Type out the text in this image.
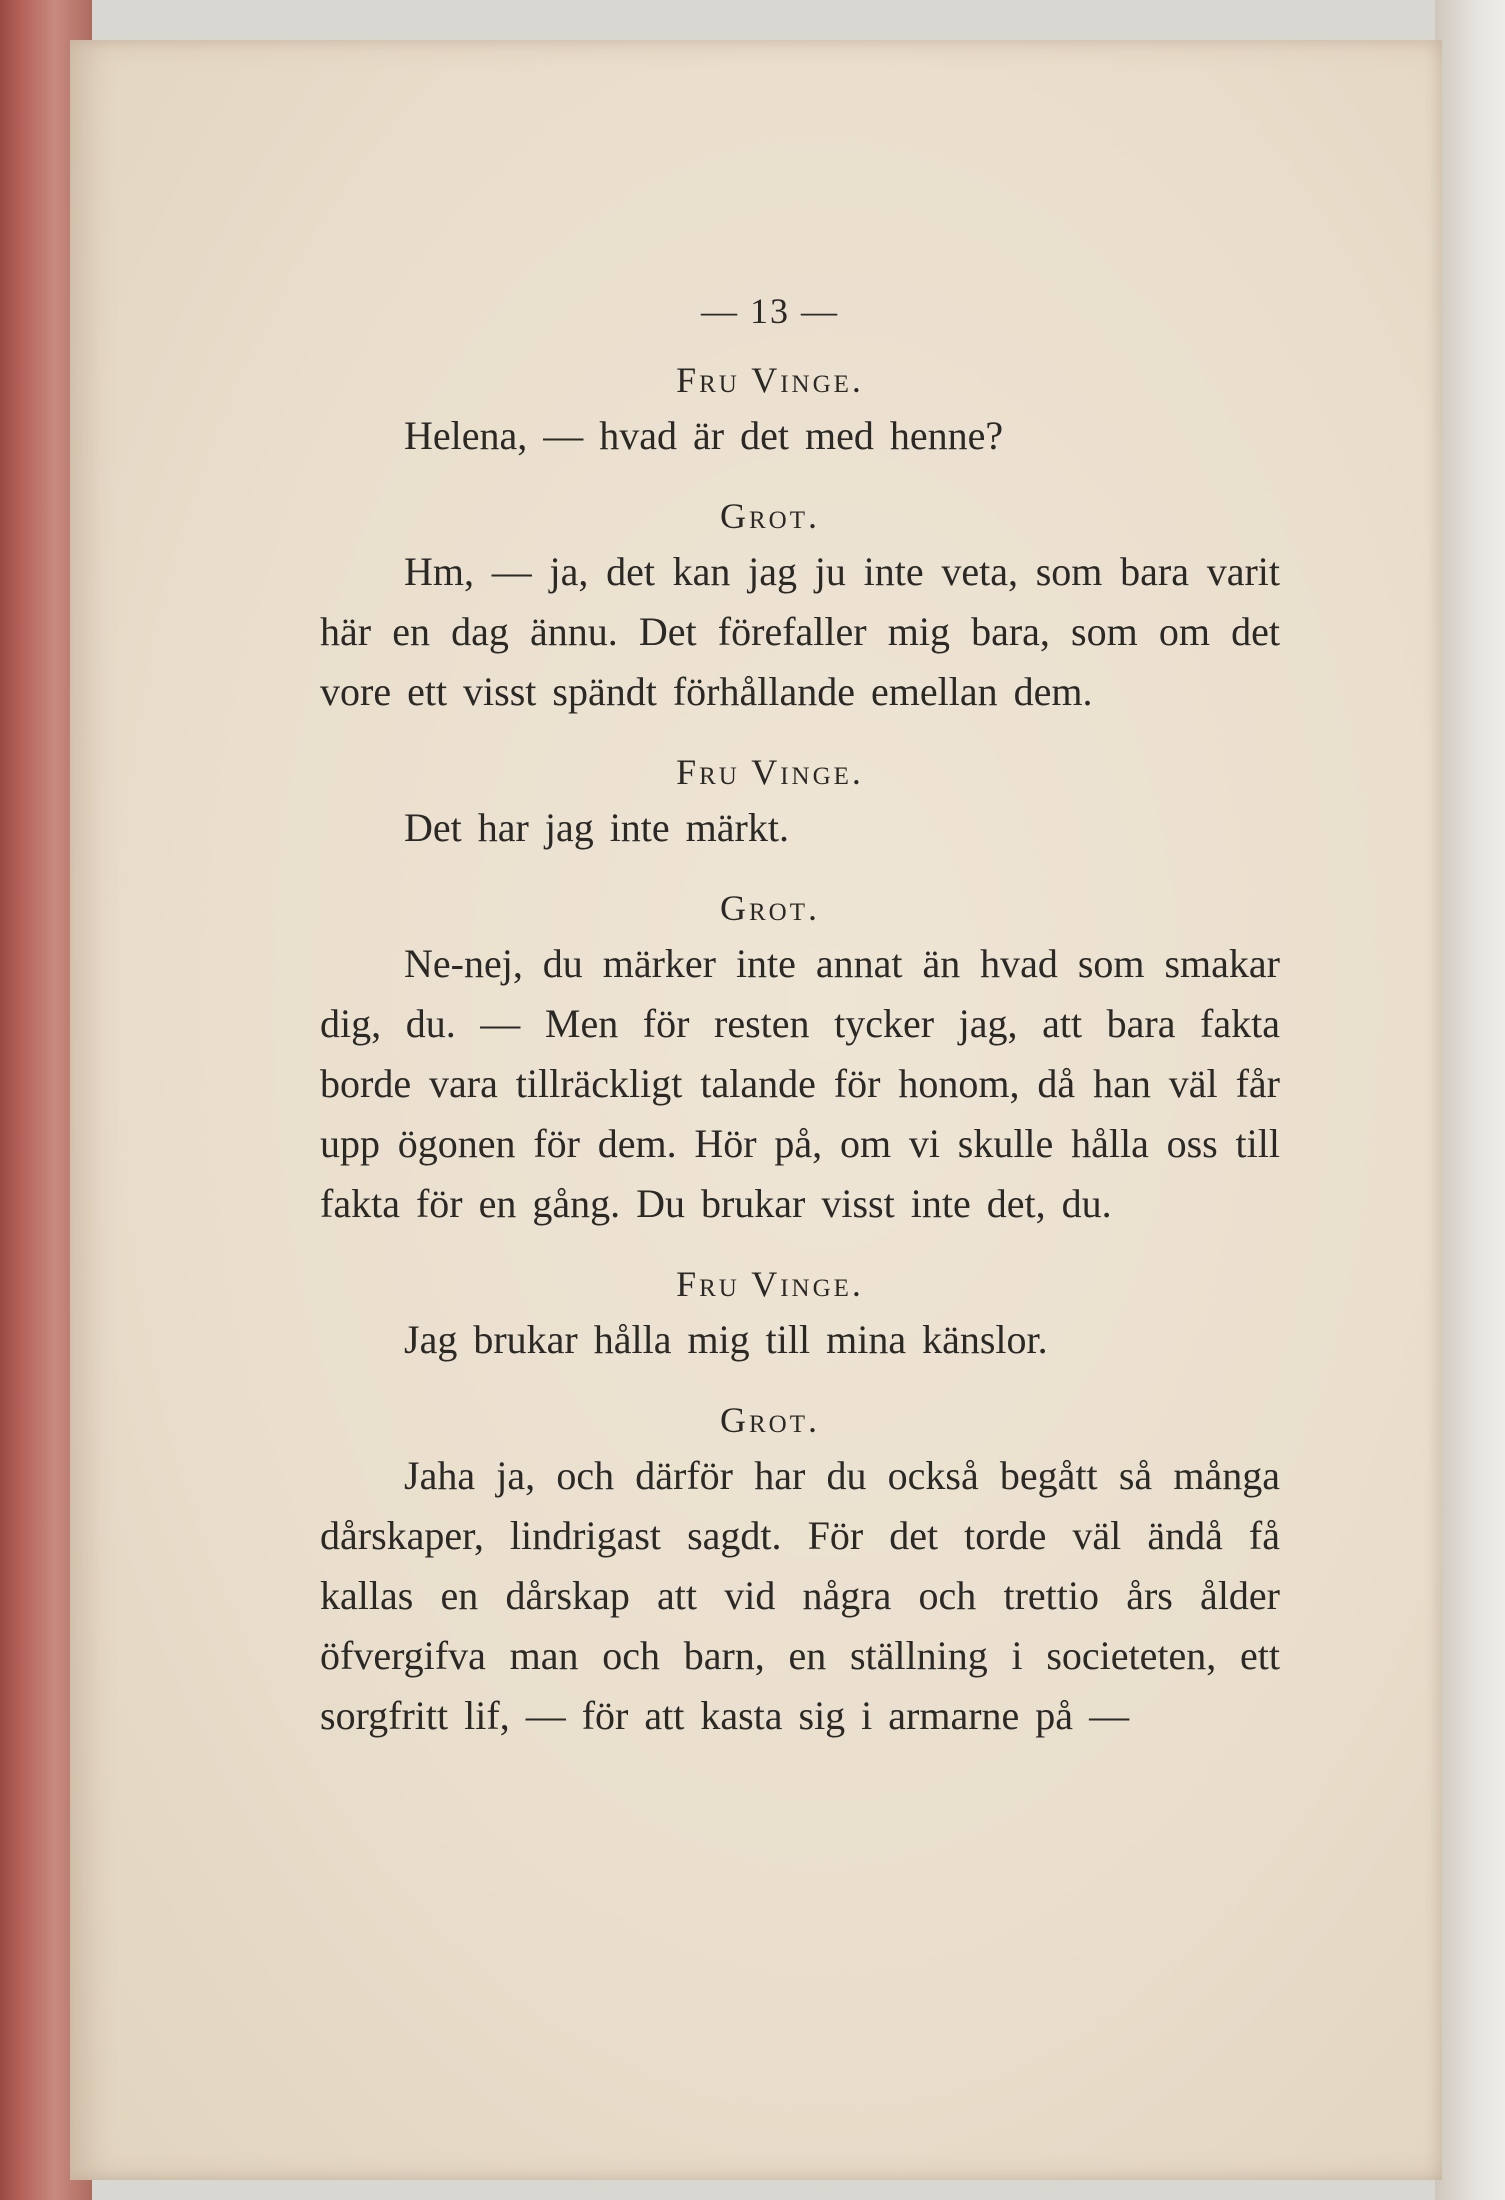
— 13 —
Fru Vinge.

Helena, — hvad är det med henne?

Grot.

Hm, — ja, det kan jag ju inte veta, som bara varit här en dag ännu. Det förefaller mig bara, som om det vore ett visst spändt förhållande emellan dem.

Fru Vinge.

Det har jag inte märkt.

Grot.

Ne-nej, du märker inte annat än hvad som smakar dig, du. — Men för resten tycker jag, att bara fakta borde vara tillräckligt talande för honom, då han väl får upp ögonen för dem. Hör på, om vi skulle hålla oss till fakta för en gång. Du brukar visst inte det, du.

Fru Vinge.

Jag brukar hålla mig till mina känslor.

Grot.

Jaha ja, och därför har du också begått så många dårskaper, lindrigast sagdt. För det torde väl ändå få kallas en dårskap att vid några och trettio års ålder öfvergifva man och barn, en ställning i societeten, ett sorgfritt lif, — för att kasta sig i armarne på —
